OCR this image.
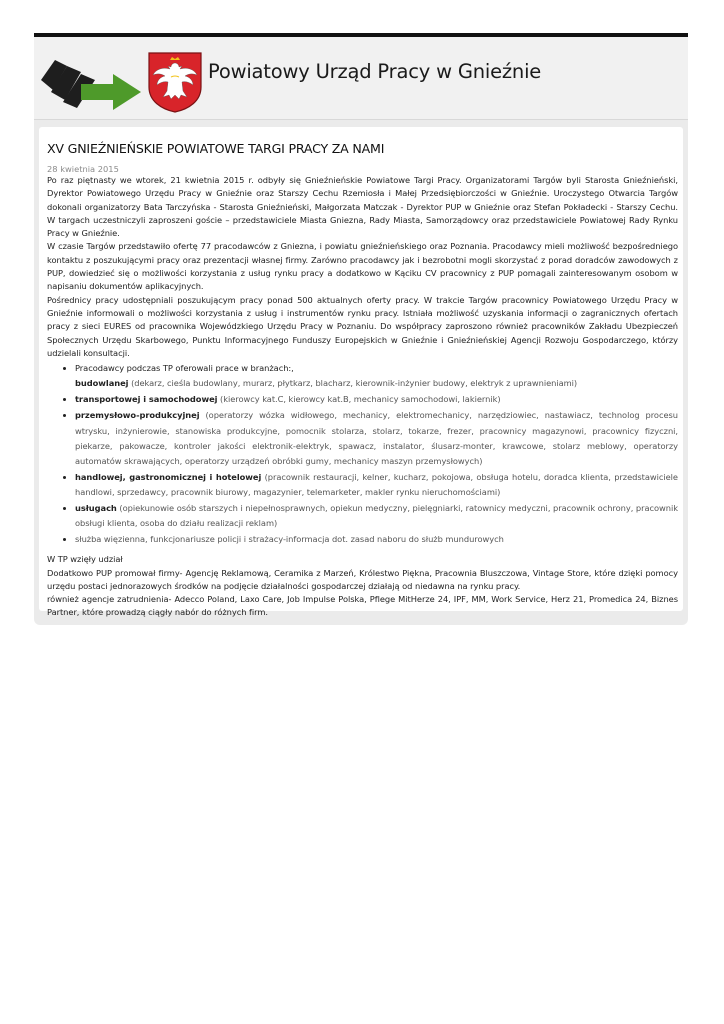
Powiatowy Urząd Pracy w Gnieźnie
XV GNIEŹNIEŃSKIE POWIATOWE TARGI PRACY ZA NAMI
28 kwietnia 2015

Po raz piętnasty we wtorek, 21 kwietnia 2015 r. odbyły się Gnieźnieńskie Powiatowe Targi Pracy. Organizatorami Targów byli Starosta Gnieźnieński, Dyrektor Powiatowego Urzędu Pracy w Gnieźnie oraz Starszy Cechu Rzemiosła i Małej Przedsiębiorczości w Gnieźnie. Uroczystego Otwarcia Targów dokonali organizatorzy Bata Tarczyńska - Starosta Gnieźnieński, Małgorzata Matczak - Dyrektor PUP w Gnieźnie oraz Stefan Pokładecki - Starszy Cechu. W targach uczestniczyli zaproszeni goście – przedstawiciele Miasta Gniezna, Rady Miasta, Samorządowcy oraz przedstawiciele Powiatowej Rady Rynku Pracy w Gnieźnie.

W czasie Targów przedstawiło ofertę 77 pracodawców z Gniezna, i powiatu gnieźnieńskiego oraz Poznania. Pracodawcy mieli możliwość bezpośredniego kontaktu z poszukującymi pracy oraz prezentacji własnej firmy. Zarówno pracodawcy jak i bezrobotni mogli skorzystać z porad doradców zawodowych z PUP, dowiedzieć się o możliwości korzystania z usług rynku pracy a dodatkowo w Kąciku CV pracownicy z PUP pomagali zainteresowanym osobom w napisaniu dokumentów aplikacyjnych.

Pośrednicy pracy udostępniali poszukującym pracy ponad 500 aktualnych oferty pracy. W trakcie Targów pracownicy Powiatowego Urzędu Pracy w Gnieźnie informowali o możliwości korzystania z usług i instrumentów rynku pracy. Istniała możliwość uzyskania informacji o zagranicznych ofertach pracy z sieci EURES od pracownika Wojewódzkiego Urzędu Pracy w Poznaniu. Do współpracy zaproszono również pracowników Zakładu Ubezpieczeń Społecznych Urzędu Skarbowego, Punktu Informacyjnego Funduszy Europejskich w Gnieźnie i Gnieźnieńskiej Agencji Rozwoju Gospodarczego, którzy udzielali konsultacji.

• Pracodawcy podczas TP oferowali prace w branżach:,
budowlanej (dekarz, cieśla budowlany, murarz, płytkarz, blacharz, kierownik-inżynier budowy, elektryk z uprawnieniami)
• transportowej i samochodowej (kierowcy kat.C, kierowcy kat.B, mechanicy samochodowi, lakiernik)
• przemysłowo-produkcyjnej (operatorzy wózka widłowego, mechanicy, elektromechanicy, narzędziowiec, nastawiacz, technolog procesu wtrysku, inżynierowie, stanowiska produkcyjne, pomocnik stolarza, stolarz, tokarze, frezer, pracownicy magazynowi, pracownicy fizyczni, piekarze, pakowacze, kontroler jakości elektronik-elektryk, spawacz, instalator, ślusarz-monter, krawcowe, stolarz meblowy, operatorzy automatów skrawających, operatorzy urządzeń obróbki gumy, mechanicy maszyn przemysłowych)
• handlowej, gastronomicznej i hotelowej (pracownik restauracji, kelner, kucharz, pokojowa, obsługa hotelu, doradca klienta, przedstawiciele handlowi, sprzedawcy, pracownik biurowy, magazynier, telemarketer, makler rynku nieruchomościami)
• usługach (opiekunowie osób starszych i niepełnosprawnych, opiekun medyczny, pielęgniarki, ratownicy medyczni, pracownik ochrony, pracownik obsługi klienta, osoba do działu realizacji reklam)
• służba więzienna, funkcjonariusze policji i strażacy-informacja dot. zasad naboru do służb mundurowych

W TP wzięły udział

Dodatkowo PUP promował firmy- Agencję Reklamową, Ceramika z Marzeń, Królestwo Piękna, Pracownia Bluszczowa, Vintage Store, które dzięki pomocy urzędu postaci jednorazowych środków na podjęcie działalności gospodarczej działają od niedawna na rynku pracy.

również agencje zatrudnienia- Adecco Poland, Laxo Care, Job Impulse Polska, Pflege MitHerze 24, IPF, MM, Work Service, Herz 21, Promedica 24, Biznes Partner, które prowadzą ciągły nabór do różnych firm.
